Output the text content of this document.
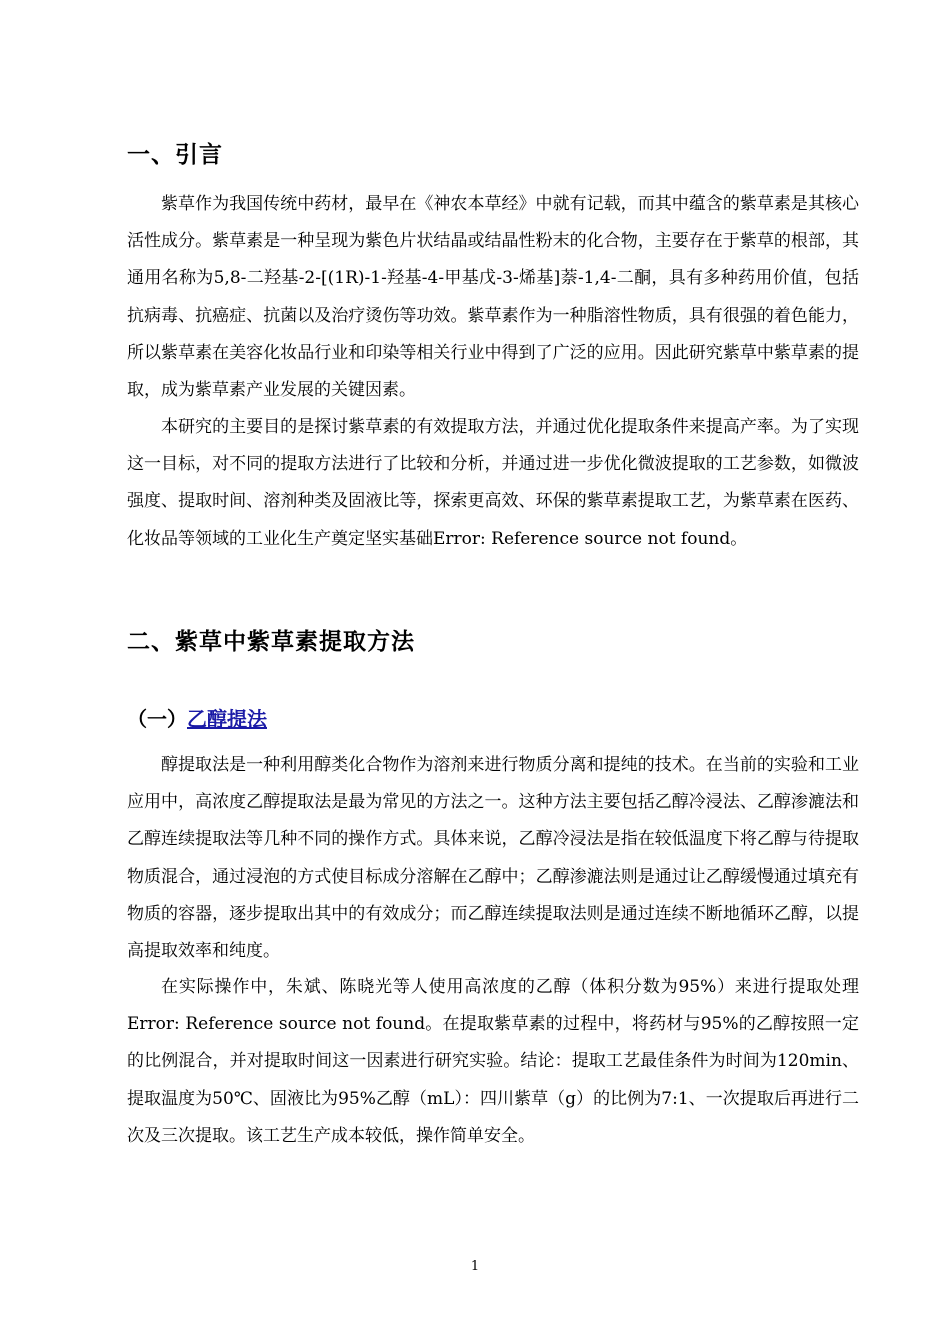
一、引言

紫草作为我国传统中药材，最早在《神农本草经》中就有记载，而其中蕴含的紫草素是其核心活性成分。紫草素是一种呈现为紫色片状结晶或结晶性粉末的化合物，主要存在于紫草的根部，其通用名称为5,8-二羟基-2-[(1R)-1-羟基-4-甲基戊-3-烯基]萘-1,4-二酮，具有多种药用价值，包括抗病毒、抗癌症、抗菌以及治疗烫伤等功效。紫草素作为一种脂溶性物质，具有很强的着色能力，所以紫草素在美容化妆品行业和印染等相关行业中得到了广泛的应用。因此研究紫草中紫草素的提取，成为紫草素产业发展的关键因素。

本研究的主要目的是探讨紫草素的有效提取方法，并通过优化提取条件来提高产率。为了实现这一目标，对不同的提取方法进行了比较和分析，并通过进一步优化微波提取的工艺参数，如微波强度、提取时间、溶剂种类及固液比等，探索更高效、环保的紫草素提取工艺，为紫草素在医药、化妆品等领域的工业化生产奠定坚实基础Error: Reference source not found。

二、紫草中紫草素提取方法
（一）乙醇提法

醇提取法是一种利用醇类化合物作为溶剂来进行物质分离和提纯的技术。在当前的实验和工业应用中，高浓度乙醇提取法是最为常见的方法之一。这种方法主要包括乙醇冷浸法、乙醇渗漉法和乙醇连续提取法等几种不同的操作方式。具体来说，乙醇冷浸法是指在较低温度下将乙醇与待提取物质混合，通过浸泡的方式使目标成分溶解在乙醇中；乙醇渗漉法则是通过让乙醇缓慢通过填充有物质的容器，逐步提取出其中的有效成分；而乙醇连续提取法则是通过连续不断地循环乙醇，以提高提取效率和纯度。

在实际操作中，朱斌、陈晓光等人使用高浓度的乙醇（体积分数为95%）来进行提取处理Error: Reference source not found。在提取紫草素的过程中，将药材与95%的乙醇按照一定的比例混合，并对提取时间这一因素进行研究实验。结论：提取工艺最佳条件为时间为120min、提取温度为50℃、固液比为95%乙醇（mL）：四川紫草（g）的比例为7:1、一次提取后再进行二次及三次提取。该工艺生产成本较低，操作简单安全。

1
